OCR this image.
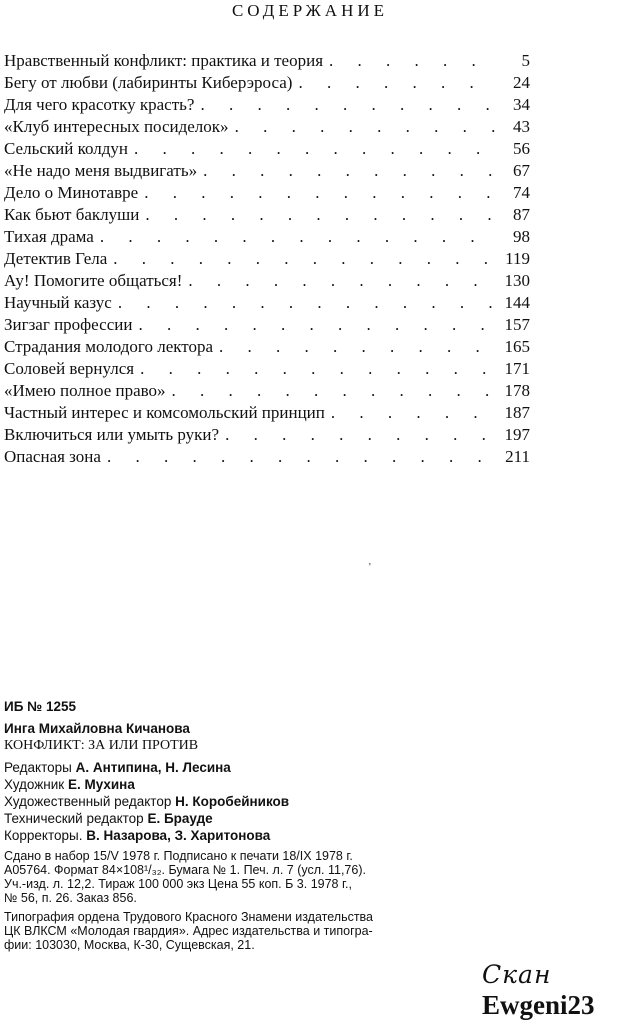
СОДЕРЖАНИЕ
Нравственный конфликт: практика и теория . . .	5
Бегу от любви (лабиринты Киберэроса) . . .	24
Для чего красотку красть? . . .	34
«Клуб интересных посиделок» . . .	43
Сельский колдун . . .	56
«Не надо меня выдвигать» . . .	67
Дело о Минотавре . . .	74
Как бьют баклуши . . .	87
Тихая драма . . .	98
Детектив Гела . . .	119
Ау! Помогите общаться! . . .	130
Научный казус . . .	144
Зигзаг профессии . . .	157
Страдания молодого лектора . . .	165
Соловей вернулся . . .	171
«Имею полное право» . . .	178
Частный интерес и комсомольский принцип . . .	187
Включиться или умыть руки? . . .	197
Опасная зона . . .	211
'
ИБ № 1255
Инга Михайловна Кичанова
КОНФЛИКТ: ЗА ИЛИ ПРОТИВ
Редакторы А. Антипина, Н. Лесина
Художник Е. Мухина
Художественный редактор Н. Коробейников
Технический редактор Е. Брауде
Корректоры. В. Назарова, З. Харитонова
Сдано в набор 15/V 1978 г. Подписано к печати 18/IX 1978 г.
А05764. Формат 84×108¹/₃₂. Бумага № 1. Печ. л. 7 (усл. 11,76).
Уч.-изд. л. 12,2. Тираж 100 000 экз Цена 55 коп. Б 3. 1978 г.,
№ 56, п. 26. Заказ 856.
Типография ордена Трудового Красного Знамени издательства
ЦК ВЛКСМ «Молодая гвардия». Адрес издательства и типогра-
фии: 103030, Москва, К-30, Сущевская, 21.
Скан
Ewgeni23
